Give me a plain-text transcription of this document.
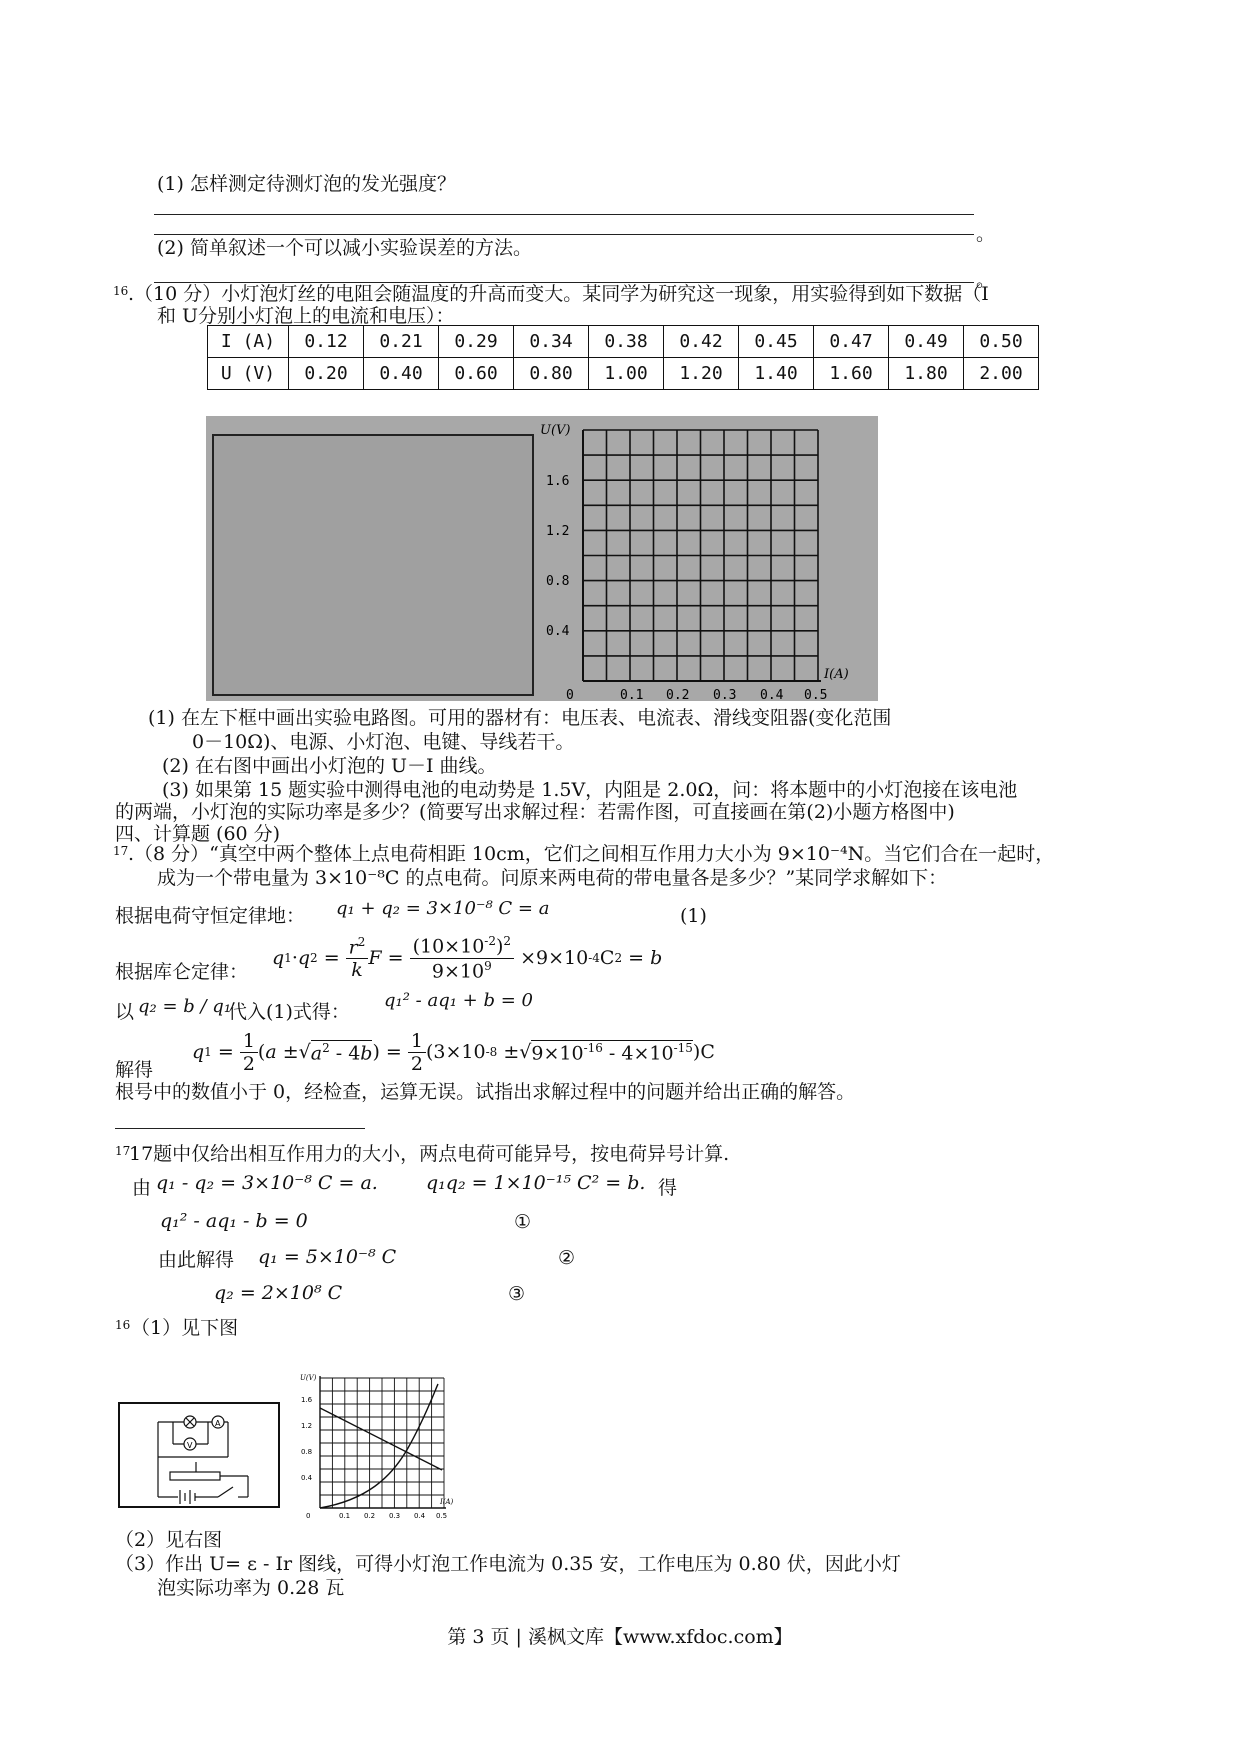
(1) 怎样测定待测灯泡的发光强度？
。
(2) 简单叙述一个可以减小实验误差的方法。
。
16 .（10 分）小灯泡灯丝的电阻会随温度的升高而变大。某同学为研究这一现象，用实验得到如下数据（I
和 U分别小灯泡上的电流和电压）：
I (A)	0.12	0.21	0.29	0.34	0.38	0.42	0.45	0.47	0.49	0.50
U (V)	0.20	0.40	0.60	0.80	1.00	1.20	1.40	1.60	1.80	2.00
U(V)
I(A)
1.6
1.2
0.8
0.4
0	0.1 0.2 0.3 0.4 0.5
(1) 在左下框中画出实验电路图。可用的器材有：电压表、电流表、滑线变阻器(变化范围
0－10Ω)、电源、小灯泡、电键、导线若干。
(2) 在右图中画出小灯泡的 U－I 曲线。
(3) 如果第 15 题实验中测得电池的电动势是 1.5V，内阻是 2.0Ω，问：将本题中的小灯泡接在该电池
的两端，小灯泡的实际功率是多少？(简要写出求解过程：若需作图，可直接画在第(2)小题方格图中)
四、计算题 (60 分)
17 .（8 分）“真空中两个整体上点电荷相距 10cm，它们之间相互作用力大小为 9×10⁻⁴N。当它们合在一起时，
成为一个带电量为 3×10⁻⁸C 的点电荷。问原来两电荷的带电量各是多少？”某同学求解如下：
根据电荷守恒定律地： q₁ + q₂ = 3×10⁻⁸ C = a	(1)
根据库仑定律：
q 1 · q $2 = \frac{r^2}{k}$ $F = \frac{(10\times 10^{-2})^2}{9\times 10^9} \times 9\times 10$ -4 C 2 = b
以 q₂ = b / q₁
代入(1)式得：
q₁² - aq₁ + b = 0
解得
q $1 = \frac{1}{2}$ ( a ±√ $a^2 - 4b$ ) = $\frac{1}{2} (3\times 10$ -8 ±√ $9\times 10^{-16} - 4\times 10^{-15}$ )C
根号中的数值小于 0，经检查，运算无误。试指出求解过程中的问题并给出正确的解答。
17
17题中仅给出相互作用力的大小，两点电荷可能异号，按电荷异号计算.
由 q₁ - q₂ = 3×10⁻⁸ C = a.	q₁q₂ = 1×10⁻¹⁵ C² = b. 得
q₁² - aq₁ - b = 0	①
由此解得 q₁ = 5×10⁻⁸ C	②
q₂ = 2×10⁸ C	③
16 （1）见下图
A
V
U(V)
I(A)
1.6
1.2
0.8
0.4
0	0.1 0.2 0.3 0.4 0.5
（2）见右图
（3）作出 U= ε - Ir 图线，可得小灯泡工作电流为 0.35 安，工作电压为 0.80 伏，因此小灯
泡实际功率为 0.28 瓦
第 3 页 | 溪枫文库【www.xfdoc.com】
